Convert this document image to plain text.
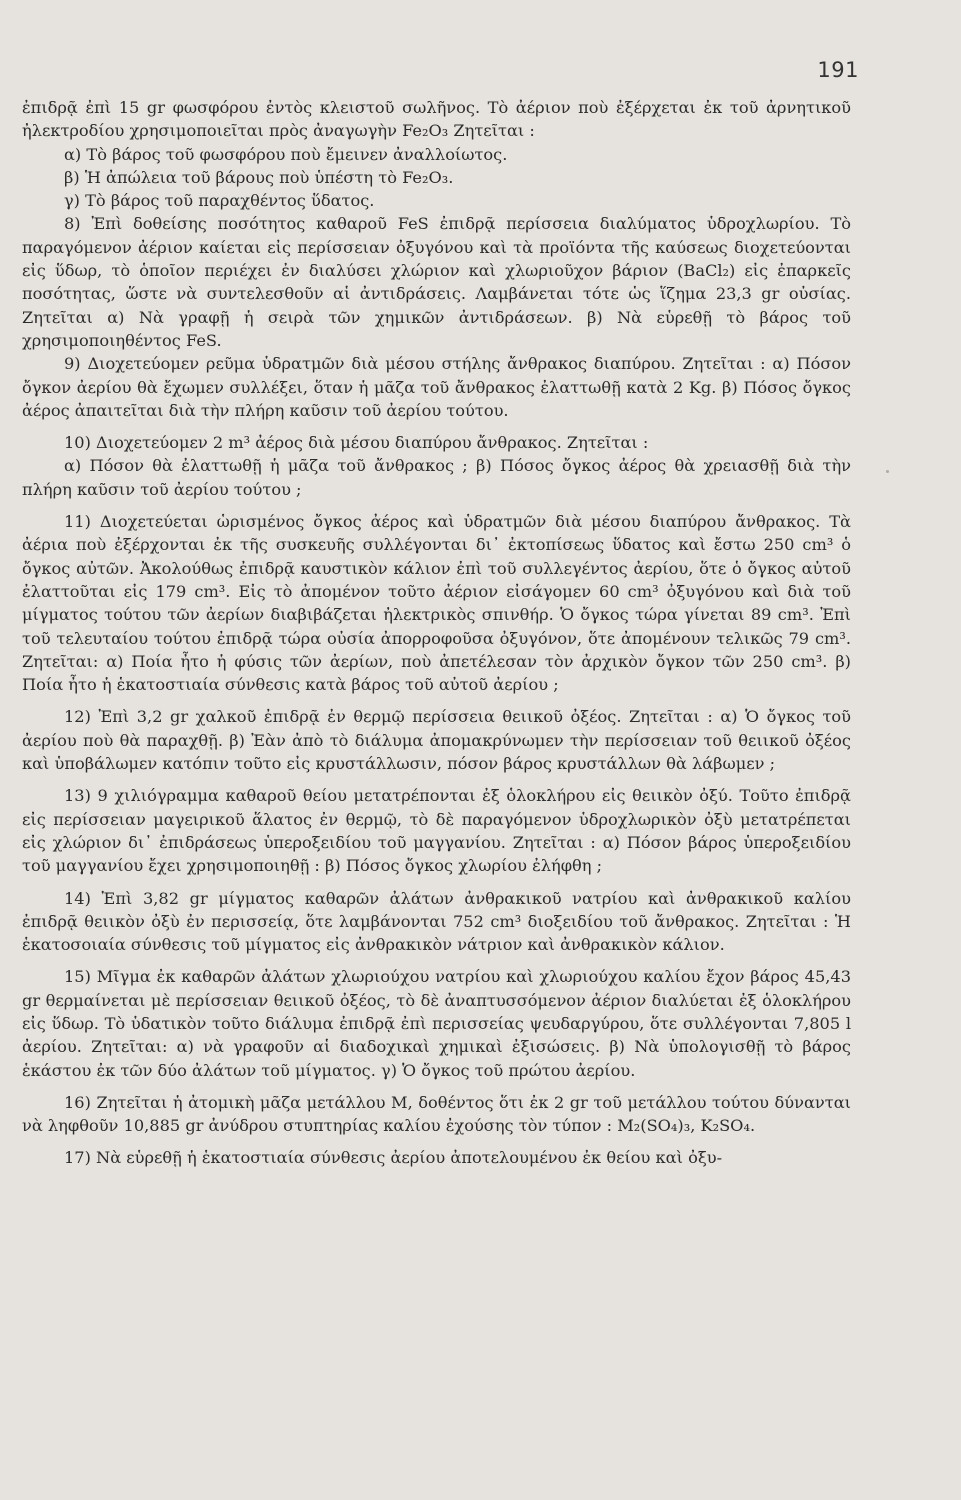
191

ἐπιδρᾷ ἐπὶ 15 gr φωσφόρου ἐντὸς κλειστοῦ σωλῆνος. Τὸ ἀέριον ποὺ ἐξέρχεται ἐκ τοῦ ἀρνητικοῦ ἠλεκτροδίου χρησιμοποιεῖται πρὸς ἀναγωγὴν Fe₂O₃ Ζητεῖται :

α) Τὸ βάρος τοῦ φωσφόρου ποὺ ἔμεινεν ἀναλλοίωτος.

β) Ἡ ἀπώλεια τοῦ βάρους ποὺ ὑπέστη τὸ Fe₂O₃.

γ) Τὸ βάρος τοῦ παραχθέντος ὕδατος.

8) Ἐπὶ δοθείσης ποσότητος καθαροῦ FeS ἐπιδρᾷ περίσσεια διαλύματος ὑδροχλωρίου. Τὸ παραγόμενον ἀέριον καίεται εἰς περίσσειαν ὀξυγόνου καὶ τὰ προϊόντα τῆς καύσεως διοχετεύονται εἰς ὕδωρ, τὸ ὁποῖον περιέχει ἐν διαλύσει χλώριον καὶ χλωριοῦχον βάριον (BaCl₂) εἰς ἐπαρκεῖς ποσότητας, ὥστε νὰ συντελεσθοῦν αἱ ἀντιδράσεις. Λαμβάνεται τότε ὡς ἵζημα 23,3 gr οὐσίας. Ζητεῖται α) Νὰ γραφῇ ἡ σειρὰ τῶν χημικῶν ἀντιδράσεων. β) Νὰ εὑρεθῇ τὸ βάρος τοῦ χρησιμοποιηθέντος FeS.

9) Διοχετεύομεν ρεῦμα ὑδρατμῶν διὰ μέσου στήλης ἄνθρακος διαπύρου. Ζητεῖται : α) Πόσον ὄγκον ἀερίου θὰ ἔχωμεν συλλέξει, ὅταν ἡ μᾶζα τοῦ ἄνθρακος ἐλαττωθῇ κατὰ 2 Kg. β) Πόσος ὄγκος ἀέρος ἀπαιτεῖται διὰ τὴν πλήρη καῦσιν τοῦ ἀερίου τούτου.

10) Διοχετεύομεν 2 m³ ἀέρος διὰ μέσου διαπύρου ἄνθρακος. Ζητεῖται :

α) Πόσον θὰ ἐλαττωθῇ ἡ μᾶζα τοῦ ἄνθρακος ; β) Πόσος ὄγκος ἀέρος θὰ χρειασθῇ διὰ τὴν πλήρη καῦσιν τοῦ ἀερίου τούτου ;

11) Διοχετεύεται ὡρισμένος ὄγκος ἀέρος καὶ ὑδρατμῶν διὰ μέσου διαπύρου ἄνθρακος. Τὰ ἀέρια ποὺ ἐξέρχονται ἐκ τῆς συσκευῆς συλλέγονται δι᾿ ἐκτοπίσεως ὕδατος καὶ ἔστω 250 cm³ ὁ ὄγκος αὐτῶν. Ἀκολούθως ἐπιδρᾷ καυστικὸν κάλιον ἐπὶ τοῦ συλλεγέντος ἀερίου, ὅτε ὁ ὄγκος αὐτοῦ ἐλαττοῦται εἰς 179 cm³. Εἰς τὸ ἀπομένον τοῦτο ἀέριον εἰσάγομεν 60 cm³ ὀξυγόνου καὶ διὰ τοῦ μίγματος τούτου τῶν ἀερίων διαβιβάζεται ἠλεκτρικὸς σπινθήρ. Ὁ ὄγκος τώρα γίνεται 89 cm³. Ἐπὶ τοῦ τελευταίου τούτου ἐπιδρᾷ τώρα οὐσία ἀπορροφοῦσα ὀξυγόνον, ὅτε ἀπομένουν τελικῶς 79 cm³. Ζητεῖται: α) Ποία ἦτο ἡ φύσις τῶν ἀερίων, ποὺ ἀπετέλεσαν τὸν ἀρχικὸν ὄγκον τῶν 250 cm³. β) Ποία ἦτο ἡ ἑκατοστιαία σύνθεσις κατὰ βάρος τοῦ αὐτοῦ ἀερίου ;

12) Ἐπὶ 3,2 gr χαλκοῦ ἐπιδρᾷ ἐν θερμῷ περίσσεια θειικοῦ ὀξέος. Ζητεῖται : α) Ὁ ὄγκος τοῦ ἀερίου ποὺ θὰ παραχθῇ. β) Ἐὰν ἀπὸ τὸ διάλυμα ἀπομακρύνωμεν τὴν περίσσειαν τοῦ θειικοῦ ὀξέος καὶ ὑποβάλωμεν κατόπιν τοῦτο εἰς κρυστάλλωσιν, πόσον βάρος κρυστάλλων θὰ λάβωμεν ;

13) 9 χιλιόγραμμα καθαροῦ θείου μετατρέπονται ἐξ ὁλοκλήρου εἰς θειικὸν ὀξύ. Τοῦτο ἐπιδρᾷ εἰς περίσσειαν μαγειρικοῦ ἅλατος ἐν θερμῷ, τὸ δὲ παραγόμενον ὑδροχλωρικὸν ὀξὺ μετατρέπεται εἰς χλώριον δι᾿ ἐπιδράσεως ὑπεροξειδίου τοῦ μαγγανίου. Ζητεῖται : α) Πόσον βάρος ὑπεροξειδίου τοῦ μαγγανίου ἔχει χρησιμοποιηθῇ : β) Πόσος ὄγκος χλωρίου ἐλήφθη ;

14) Ἐπὶ 3,82 gr μίγματος καθαρῶν ἀλάτων ἀνθρακικοῦ νατρίου καὶ ἀνθρακικοῦ καλίου ἐπιδρᾷ θειικὸν ὀξὺ ἐν περισσείᾳ, ὅτε λαμβάνονται 752 cm³ διοξειδίου τοῦ ἄνθρακος. Ζητεῖται : Ἡ ἑκατοσοιαία σύνθεσις τοῦ μίγματος εἰς ἀνθρακικὸν νάτριον καὶ ἀνθρακικὸν κάλιον.

15) Μῖγμα ἐκ καθαρῶν ἀλάτων χλωριούχου νατρίου καὶ χλωριούχου καλίου ἔχον βάρος 45,43 gr θερμαίνεται μὲ περίσσειαν θειικοῦ ὀξέος, τὸ δὲ ἀναπτυσσόμενον ἀέριον διαλύεται ἐξ ὁλοκλήρου εἰς ὕδωρ. Τὸ ὑδατικὸν τοῦτο διάλυμα ἐπιδρᾷ ἐπὶ περισσείας ψευδαργύρου, ὅτε συλλέγονται 7,805 l ἀερίου. Ζητεῖται: α) νὰ γραφοῦν αἱ διαδοχικαὶ χημικαὶ ἐξισώσεις. β) Νὰ ὑπολογισθῇ τὸ βάρος ἑκάστου ἐκ τῶν δύο ἀλάτων τοῦ μίγματος. γ) Ὁ ὄγκος τοῦ πρώτου ἀερίου.

16) Ζητεῖται ἡ ἀτομικὴ μᾶζα μετάλλου Μ, δοθέντος ὅτι ἐκ 2 gr τοῦ μετάλλου τούτου δύνανται νὰ ληφθοῦν 10,885 gr ἀνύδρου στυπτηρίας καλίου ἐχούσης τὸν τύπον : M₂(SO₄)₃, K₂SO₄.

17) Νὰ εὑρεθῇ ἡ ἑκατοστιαία σύνθεσις ἀερίου ἀποτελουμένου ἐκ θείου καὶ ὀξυ-
